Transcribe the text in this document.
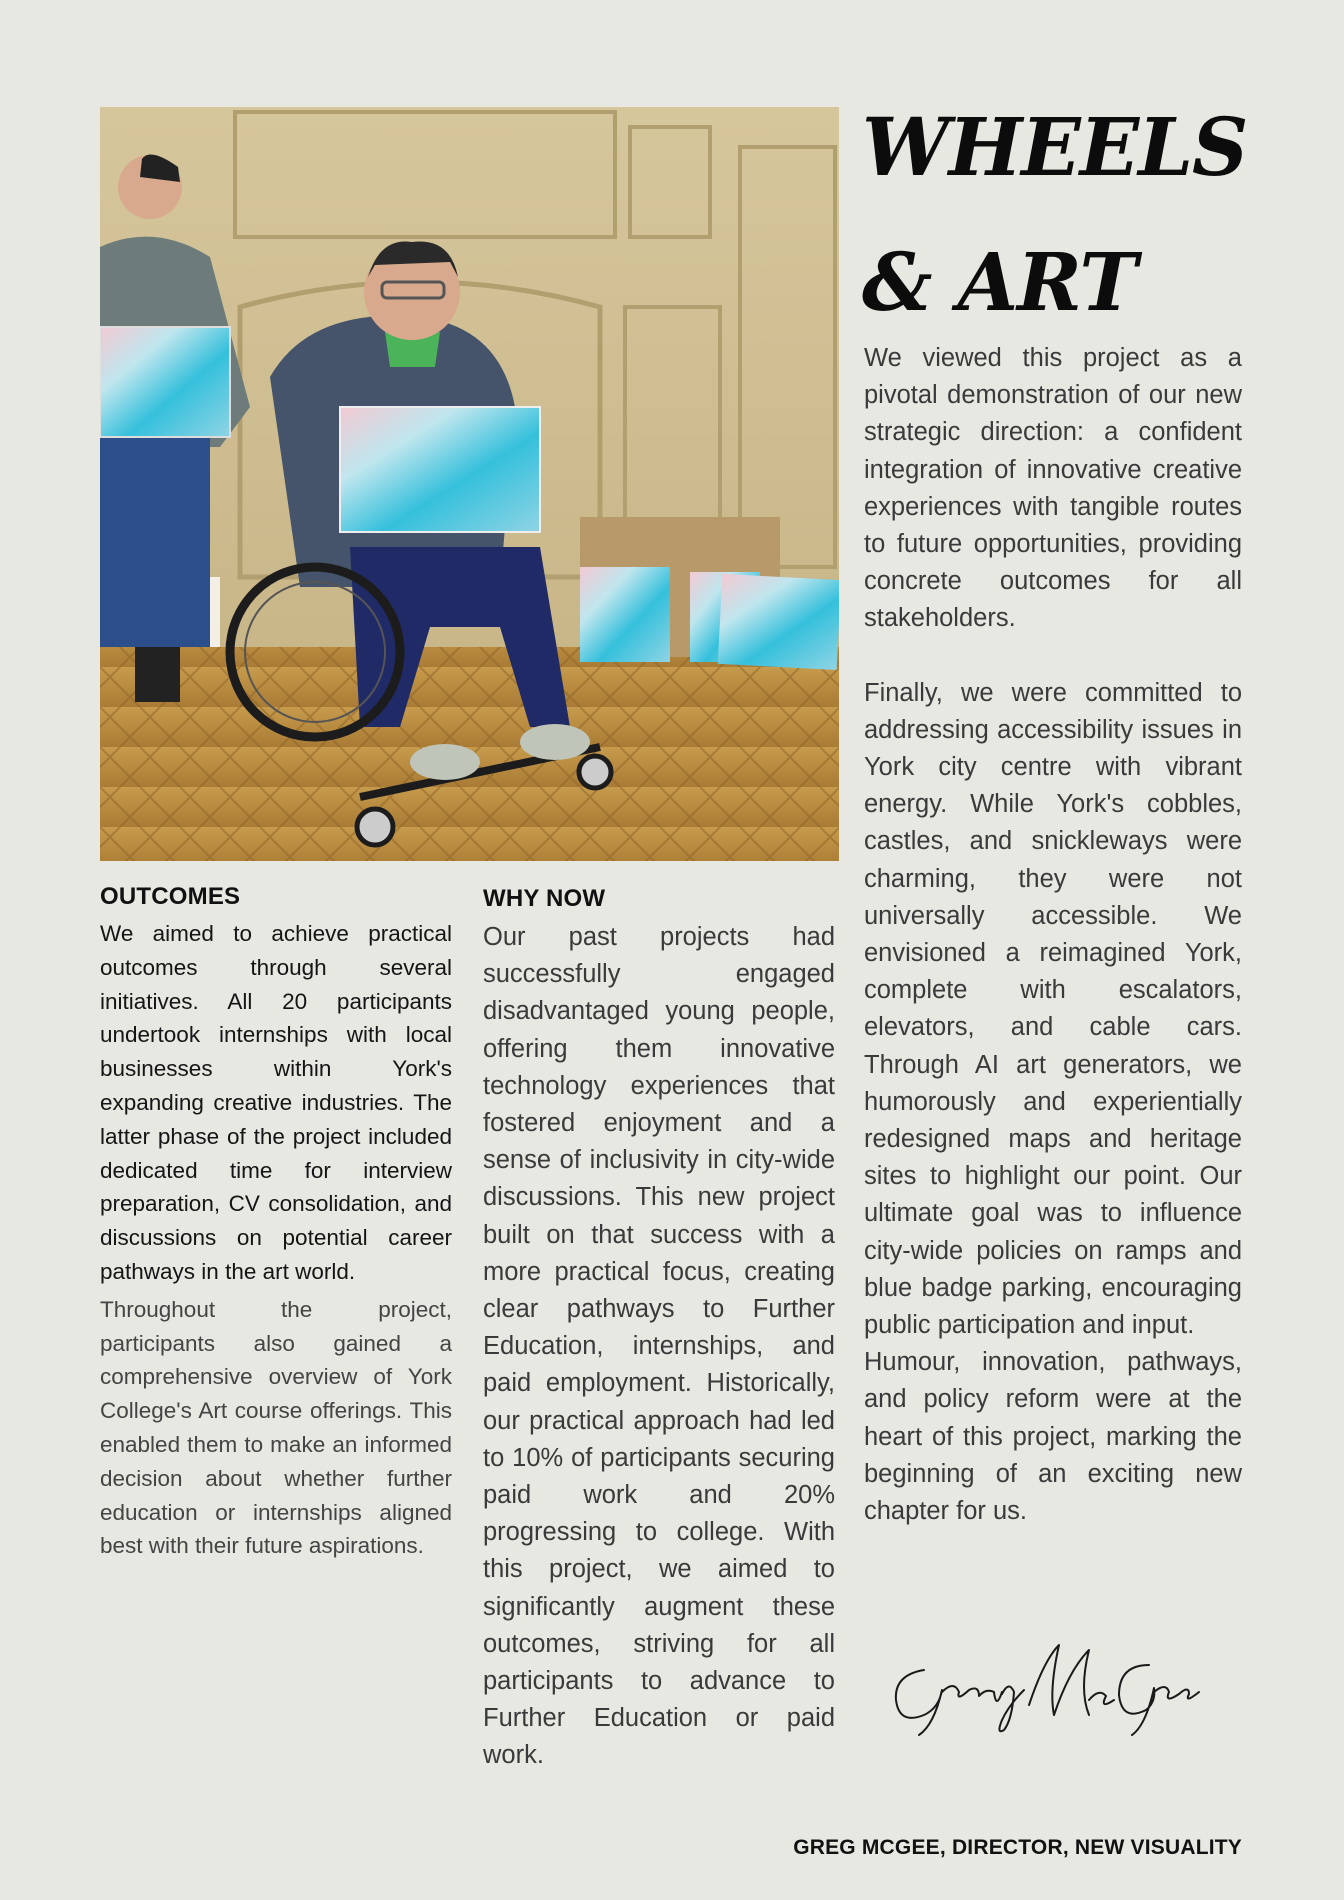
WHEELS
& ART

We viewed this project as a pivotal demonstration of our new strategic direction: a confident integration of innovative creative experiences with tangible routes to future opportunities, providing concrete outcomes for all stakeholders.

Finally, we were committed to addressing accessibility issues in York city centre with vibrant energy. While York's cobbles, castles, and snickleways were charming, they were not universally accessible. We envisioned a reimagined York, complete with escalators, elevators, and cable cars. Through AI art generators, we humorously and experientially redesigned maps and heritage sites to highlight our point. Our ultimate goal was to influence city-wide policies on ramps and blue badge parking, encouraging public participation and input.

Humour, innovation, pathways, and policy reform were at the heart of this project, marking the beginning of an exciting new chapter for us.

OUTCOMES

We aimed to achieve practical outcomes through several initiatives. All 20 participants undertook internships with local businesses within York's expanding creative industries. The latter phase of the project included dedicated time for interview preparation, CV consolidation, and discussions on potential career pathways in the art world.

Throughout the project, participants also gained a comprehensive overview of York College's Art course offerings. This enabled them to make an informed decision about whether further education or internships aligned best with their future aspirations.

WHY NOW

Our past projects had successfully engaged disadvantaged young people, offering them innovative technology experiences that fostered enjoyment and a sense of inclusivity in city-wide discussions. This new project built on that success with a more practical focus, creating clear pathways to Further Education, internships, and paid employment. Historically, our practical approach had led to 10% of participants securing paid work and 20% progressing to college. With this project, we aimed to significantly augment these outcomes, striving for all participants to advance to Further Education or paid work.

GREG MCGEE, DIRECTOR, NEW VISUALITY
